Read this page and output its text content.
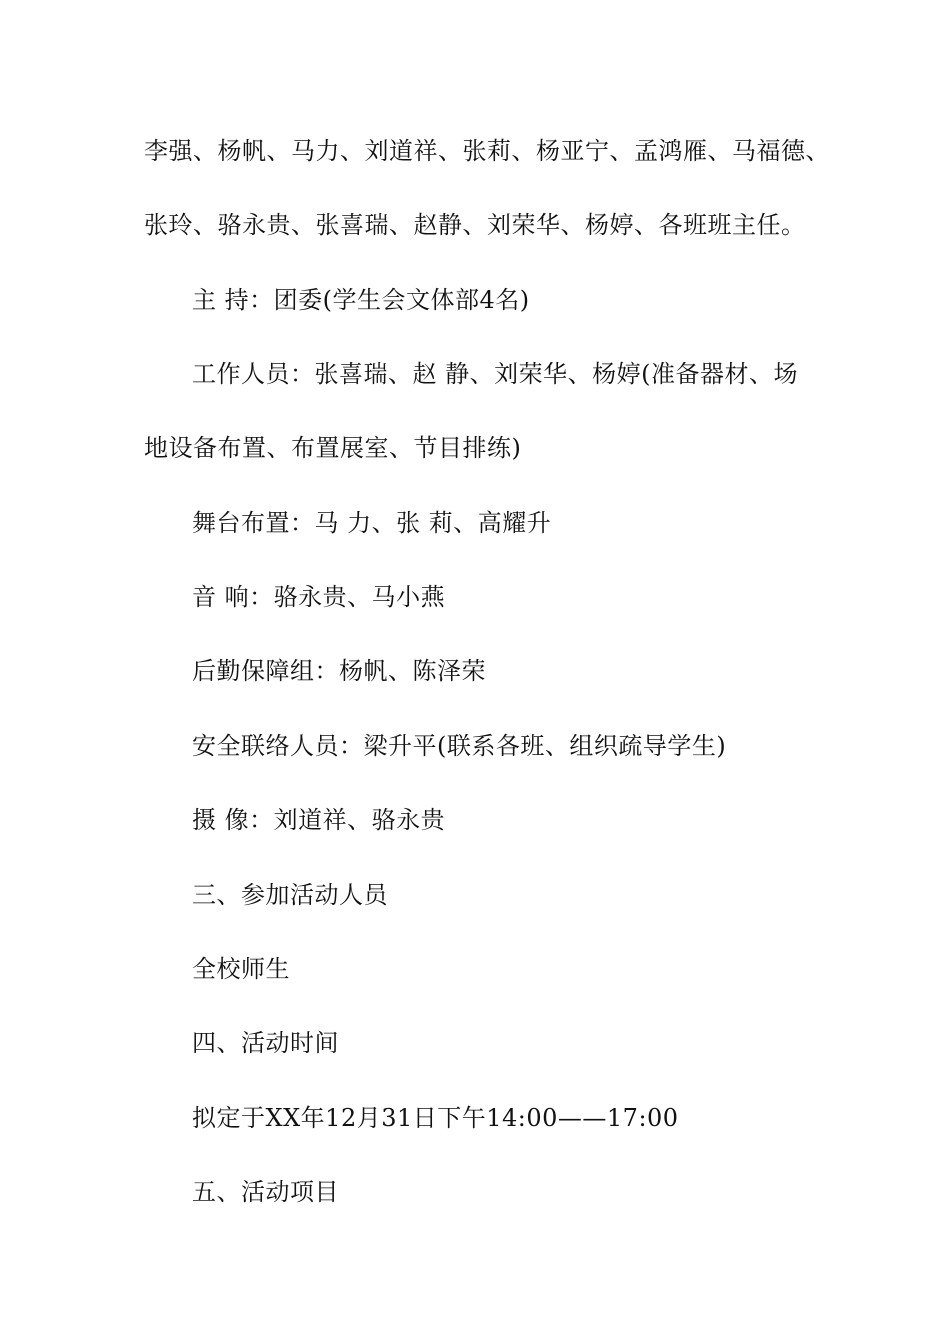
李强、杨帆、马力、刘道祥、张莉、杨亚宁、孟鸿雁、马福德、
张玲、骆永贵、张喜瑞、赵静、刘荣华、杨婷、各班班主任。
主 持：团委(学生会文体部4名)
工作人员：张喜瑞、赵 静、刘荣华、杨婷(准备器材、场
地设备布置、布置展室、节目排练)
舞台布置：马 力、张 莉、高耀升
音 响：骆永贵、马小燕
后勤保障组：杨帆、陈泽荣
安全联络人员：梁升平(联系各班、组织疏导学生)
摄 像：刘道祥、骆永贵
三、参加活动人员
全校师生
四、活动时间
拟定于XX年12月31日下午14:00——17:00
五、活动项目
